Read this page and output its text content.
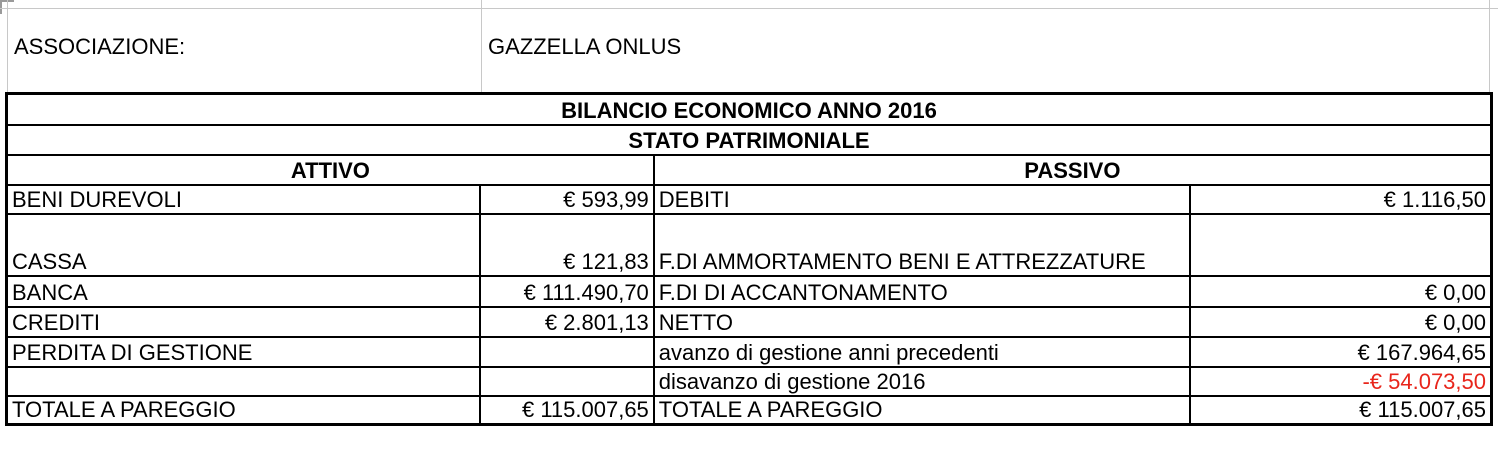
ASSOCIAZIONE:	GAZZELLA ONLUS
BILANCIO ECONOMICO ANNO 2016			
STATO PATRIMONIALE			
ATTIVO		PASSIVO	
BENI DUREVOLI	€ 593,99	DEBITI	€ 1.116,50
CASSA	€ 121,83	F.DI AMMORTAMENTO BENI E ATTREZZATURE	
BANCA	€ 111.490,70	F.DI DI ACCANTONAMENTO	€ 0,00
CREDITI	€ 2.801,13	NETTO	€ 0,00
PERDITA DI GESTIONE		avanzo di gestione anni precedenti	€ 167.964,65
		disavanzo di gestione 2016	-€ 54.073,50
TOTALE A PAREGGIO	€ 115.007,65	TOTALE A PAREGGIO	€ 115.007,65
